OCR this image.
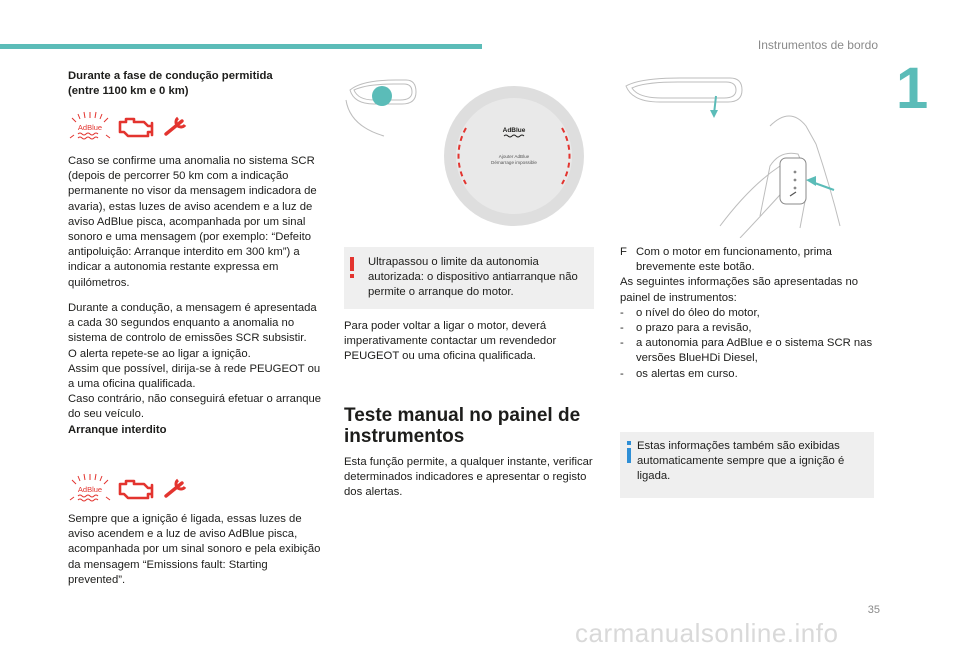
Instrumentos de bordo
1

Durante a fase de condução permitida

(entre 1100 km e 0 km)

AdBlue

Caso se confirme uma anomalia no sistema SCR (depois de percorrer 50 km com a indicação permanente no visor da mensagem indicadora de avaria), estas luzes de aviso acendem e a luz de aviso AdBlue pisca, acompanhada por um sinal sonoro e uma mensagem (por exemplo: “Defeito antipoluição: Arranque interdito em 300 km”) a indicar a autonomia restante expressa em quilómetros.

Durante a condução, a mensagem é apresentada a cada 30 segundos enquanto a anomalia no sistema de controlo de emissões SCR subsistir.

O alerta repete-se ao ligar a ignição.

Assim que possível, dirija-se à rede PEUGEOT ou a uma oficina qualificada.

Caso contrário, não conseguirá efetuar o arranque do seu veículo.

Arranque interdito

AdBlue

Sempre que a ignição é ligada, essas luzes de aviso acendem e a luz de aviso AdBlue pisca, acompanhada por um sinal sonoro e pela exibição da mensagem “Emissions fault: Starting prevented”.

AdBlue
Ajouter AdBlue
Démarrage impossible

Ultrapassou o limite da autonomia autorizada: o dispositivo antiarranque não permite o arranque do motor.

Para poder voltar a ligar o motor, deverá imperativamente contactar um revendedor PEUGEOT ou uma oficina qualificada.

Teste manual no painel de
instrumentos

Esta função permite, a qualquer instante, verificar determinados indicadores e apresentar o registo dos alertas.

F Com o motor em funcionamento, prima brevemente este botão.

As seguintes informações são apresentadas no painel de instrumentos:

-	o nível do óleo do motor,
-	o prazo para a revisão,
-	a autonomia para AdBlue e o sistema SCR nas versões BlueHDi Diesel,
-	os alertas em curso.

Estas informações também são exibidas automaticamente sempre que a ignição é ligada.

35
carmanualsonline.info
